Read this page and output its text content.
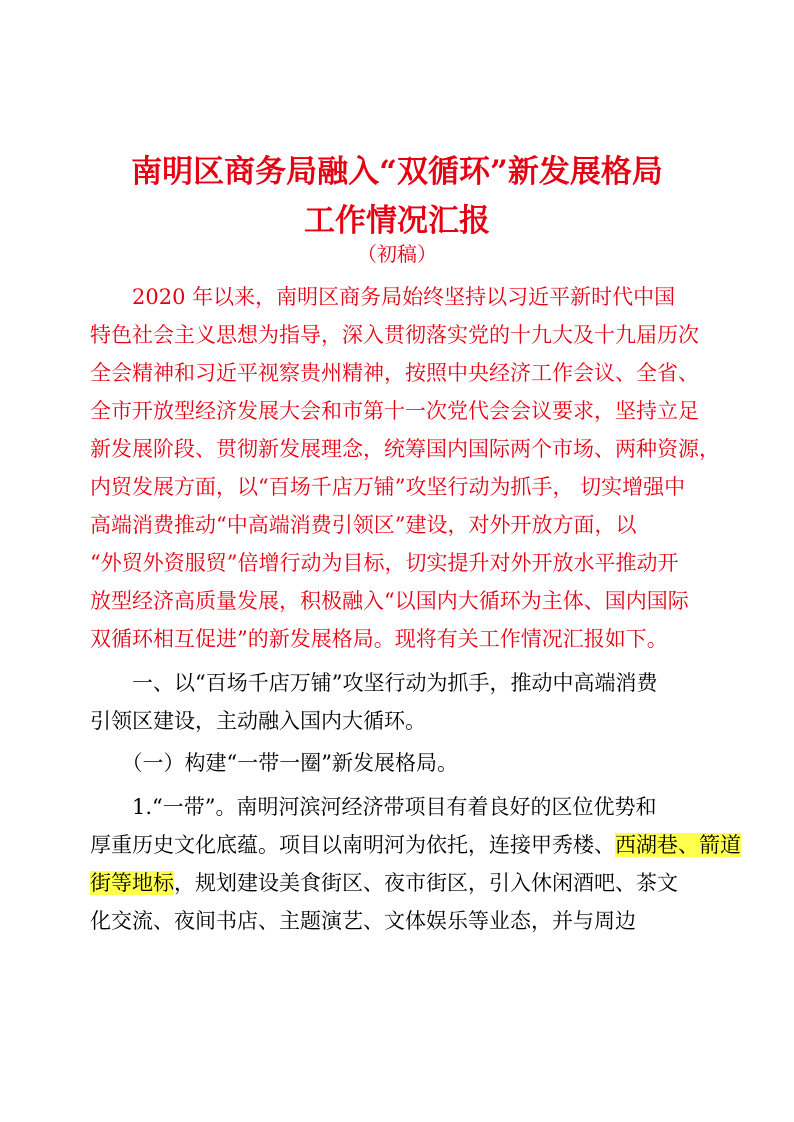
南明区商务局融入“双循环”新发展格局
工作情况汇报
（初稿）
　　2020 年以来，南明区商务局始终坚持以习近平新时代中国
特色社会主义思想为指导，深入贯彻落实党的十九大及十九届历次
全会精神和习近平视察贵州精神，按照中央经济工作会议、全省、
全市开放型经济发展大会和市第十一次党代会会议要求，坚持立足
新发展阶段、贯彻新发展理念，统筹国内国际两个市场、两种资源，
内贸发展方面，以“百场千店万铺”攻坚行动为抓手， 切实增强中
高端消费推动“中高端消费引领区”建设，对外开放方面，以
“外贸外资服贸”倍增行动为目标，切实提升对外开放水平推动开
放型经济高质量发展，积极融入“以国内大循环为主体、国内国际
双循环相互促进”的新发展格局。现将有关工作情况汇报如下。
　　一、以“百场千店万铺”攻坚行动为抓手，推动中高端消费
引领区建设，主动融入国内大循环。
　　（一）构建“一带一圈”新发展格局。
　　1.“一带”。南明河滨河经济带项目有着良好的区位优势和
厚重历史文化底蕴。项目以南明河为依托，连接甲秀楼、西湖巷、箭道
街等地标，规划建设美食街区、夜市街区，引入休闲酒吧、茶文
化交流、夜间书店、主题演艺、文体娱乐等业态，并与周边
